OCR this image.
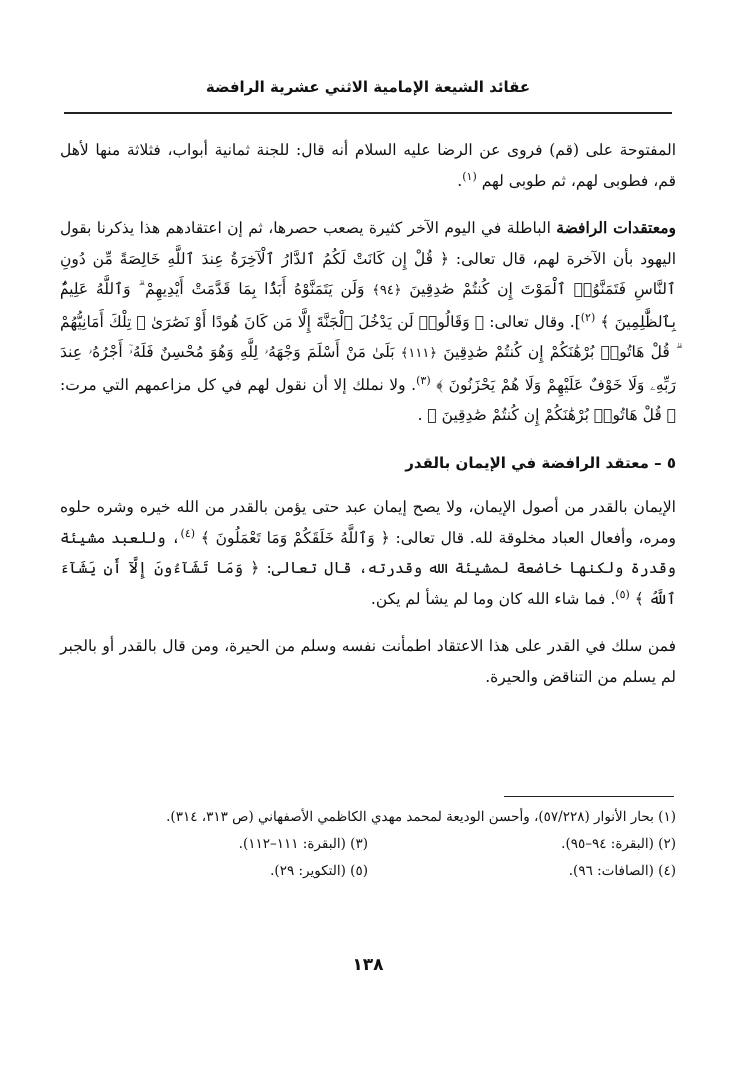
عقائد الشيعة الإمامية الاثني عشرية الرافضة

المفتوحة على (قم) فروى عن الرضا عليه السلام أنه قال: للجنة ثمانية أبواب، فثلاثة منها لأهل قم، فطوبى لهم، ثم طوبى لهم $^{(١)}$.

ومعتقدات الرافضة الباطلة في اليوم الآخر كثيرة يصعب حصرها، ثم إن اعتقادهم هذا يذكرنا بقول اليهود بأن الآخرة لهم، قال تعالى: ﴿ قُلْ إِن كَانَتْ لَكُمُ ٱلدَّارُ ٱلْآخِرَةُ عِندَ ٱللَّهِ خَالِصَةً مِّن دُونِ ٱلنَّاسِ فَتَمَنَّوُا۟ ٱلْمَوْتَ إِن كُنتُمْ صَٰدِقِينَ ﴿٩٤﴾ وَلَن يَتَمَنَّوْهُ أَبَدًۢا بِمَا قَدَّمَتْ أَيْدِيهِمْ ۗ وَٱللَّهُ عَلِيمٌۢ بِٱلظَّٰلِمِينَ ﴾ $^{(٢)}$]. وقال تعالى: ﴿ وَقَالُوا۟ لَن يَدْخُلَ ٱلْجَنَّةَ إِلَّا مَن كَانَ هُودًا أَوْ نَصَٰرَىٰ ۗ تِلْكَ أَمَانِيُّهُمْ ۗ قُلْ هَاتُوا۟ بُرْهَٰنَكُمْ إِن كُنتُمْ صَٰدِقِينَ ﴿١١١﴾ بَلَىٰ مَنْ أَسْلَمَ وَجْهَهُۥ لِلَّهِ وَهُوَ مُحْسِنٌ فَلَهُۥٓ أَجْرُهُۥ عِندَ رَبِّهِۦ وَلَا خَوْفٌ عَلَيْهِمْ وَلَا هُمْ يَحْزَنُونَ ﴾ $^{(٣)}$. ولا نملك إلا أن نقول لهم في كل مزاعمهم التي مرت: ﴿ قُلْ هَاتُوا۟ بُرْهَٰنَكُمْ إِن كُنتُمْ صَٰدِقِينَ ﴾ .

٥ – معتقد الرافضة في الإيمان بالقدر

الإيمان بالقدر من أصول الإيمان، ولا يصح إيمان عبد حتى يؤمن بالقدر من الله خيره وشره حلوه ومره، وأفعال العباد مخلوقة لله. قال تعالى: ﴿ وَٱللَّهُ خَلَقَكُمْ وَمَا تَعْمَلُونَ ﴾ $^{(٤)}$، وللعبد مشيئة وقدرة ولكنها خاضعة لمشيئة الله وقدرته، قال تعالى: ﴿ وَمَا تَشَآءُونَ إِلَّآ أَن يَشَآءَ ٱللَّهُ ﴾ $^{(٥)}$. فما شاء الله كان وما لم يشأ لم يكن.

فمن سلك في القدر على هذا الاعتقاد اطمأنت نفسه وسلم من الحيرة، ومن قال بالقدر أو بالجبر لم يسلم من التناقض والحيرة.

(١) بحار الأنوار (٥٧/٢٢٨)، وأحسن الوديعة لمحمد مهدي الكاظمي الأصفهاني (ص ٣١٣، ٣١٤).
(٢) (البقرة: ٩٤–٩٥).
(٣) (البقرة: ١١١–١١٢).
(٤) (الصافات: ٩٦).
(٥) (التكوير: ٢٩).
١٣٨
